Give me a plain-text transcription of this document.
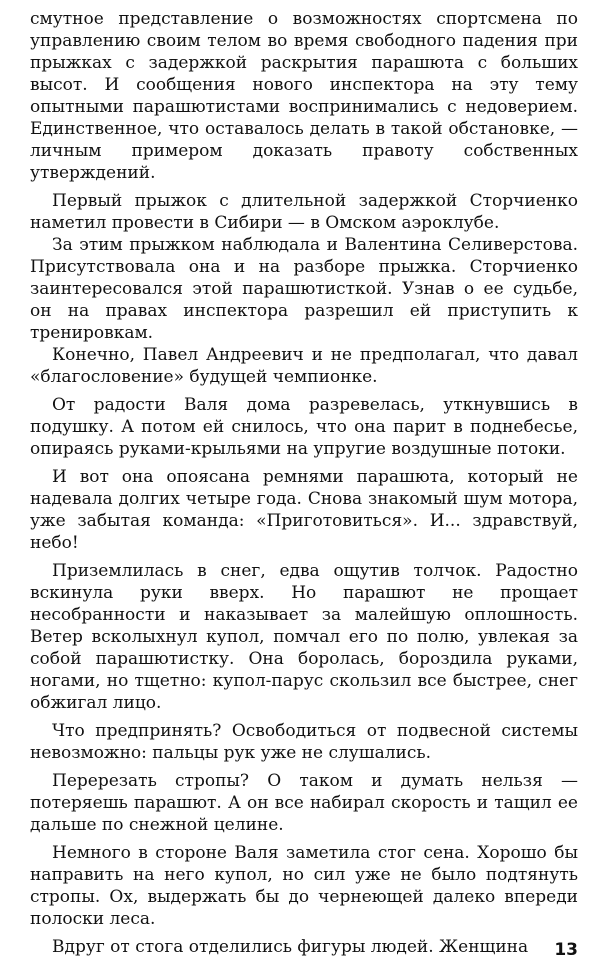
смутное представление о возможностях спортсмена по управлению своим телом во время свободного падения при прыжках с задержкой раскрытия парашюта с больших высот. И сообщения нового инспектора на эту тему опытными парашютистами воспринимались с недоверием. Единственное, что оставалось делать в такой обстановке, — личным примером доказать правоту собственных утверждений.

Первый прыжок с длительной задержкой Сторчиенко наметил провести в Сибири — в Омском аэроклубе.

За этим прыжком наблюдала и Валентина Селиверстова. Присутствовала она и на разборе прыжка. Сторчиенко заинтересовался этой парашютисткой. Узнав о ее судьбе, он на правах инспектора разрешил ей приступить к тренировкам.

Конечно, Павел Андреевич и не предполагал, что давал «благословение» будущей чемпионке.

От радости Валя дома разревелась, уткнувшись в подушку. А потом ей снилось, что она парит в поднебесье, опираясь руками-крыльями на упругие воздушные потоки.

И вот она опоясана ремнями парашюта, который не надевала долгих четыре года. Снова знакомый шум мотора, уже забытая команда: «Приготовиться». И... здравствуй, небо!

Приземлилась в снег, едва ощутив толчок. Радостно вскинула руки вверх. Но парашют не прощает несобранности и наказывает за малейшую оплошность. Ветер всколыхнул купол, помчал его по полю, увлекая за собой парашютистку. Она боролась, бороздила руками, ногами, но тщетно: купол-парус скользил все быстрее, снег обжигал лицо.

Что предпринять? Освободиться от подвесной системы невозможно: пальцы рук уже не слушались.

Перерезать стропы? О таком и думать нельзя — потеряешь парашют. А он все набирал скорость и тащил ее дальше по снежной целине.

Немного в стороне Валя заметила стог сена. Хорошо бы направить на него купол, но сил уже не было подтянуть стропы. Ох, выдержать бы до чернеющей далеко впереди полоски леса.

Вдруг от стога отделились фигуры людей. Женщина	13
